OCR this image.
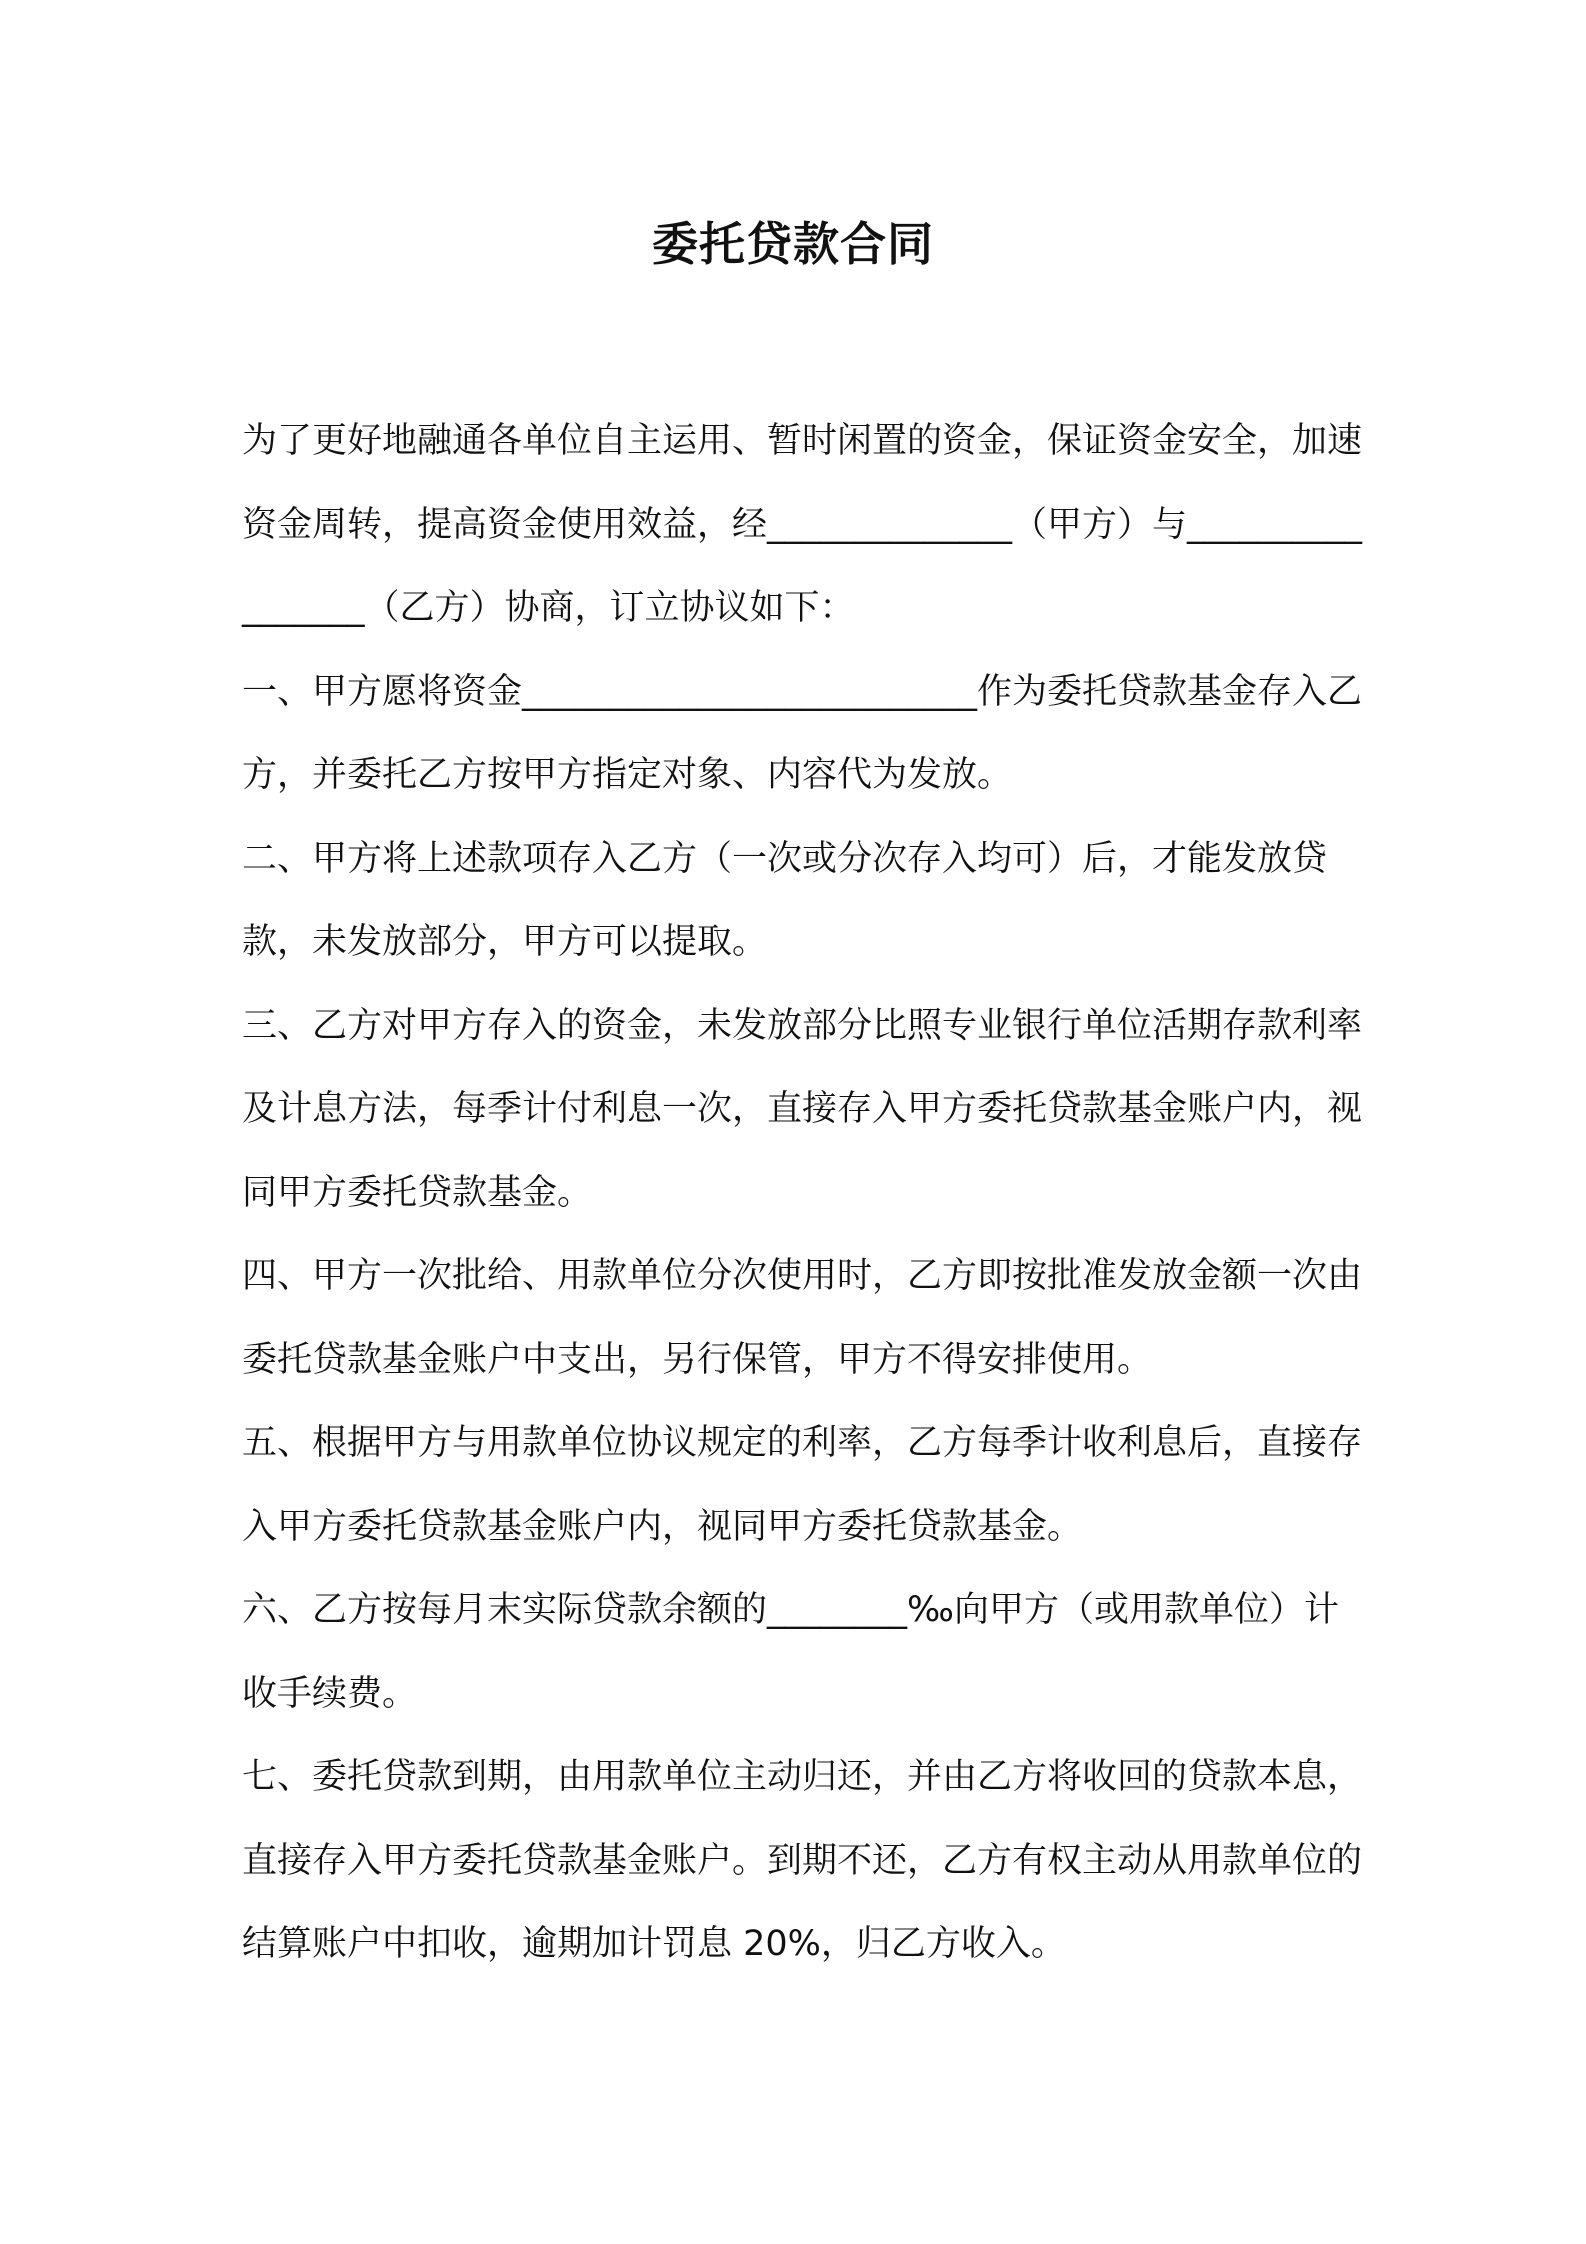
委托贷款合同

为了更好地融通各单位自主运用、暂时闲置的资金，保证资金安全，加速资金周转，提高资金使用效益，经______________（甲方）与_________________（乙方）协商，订立协议如下：

一、甲方愿将资金__________________________作为委托贷款基金存入乙方，并委托乙方按甲方指定对象、内容代为发放。

二、甲方将上述款项存入乙方（一次或分次存入均可）后，才能发放贷款，未发放部分，甲方可以提取。

三、乙方对甲方存入的资金，未发放部分比照专业银行单位活期存款利率及计息方法，每季计付利息一次，直接存入甲方委托贷款基金账户内，视同甲方委托贷款基金。

四、甲方一次批给、用款单位分次使用时，乙方即按批准发放金额一次由委托贷款基金账户中支出，另行保管，甲方不得安排使用。

五、根据甲方与用款单位协议规定的利率，乙方每季计收利息后，直接存入甲方委托贷款基金账户内，视同甲方委托贷款基金。

六、乙方按每月末实际贷款余额的________‰向甲方（或用款单位）计收手续费。

七、委托贷款到期，由用款单位主动归还，并由乙方将收回的贷款本息，直接存入甲方委托贷款基金账户。到期不还，乙方有权主动从用款单位的结算账户中扣收，逾期加计罚息 20%，归乙方收入。
